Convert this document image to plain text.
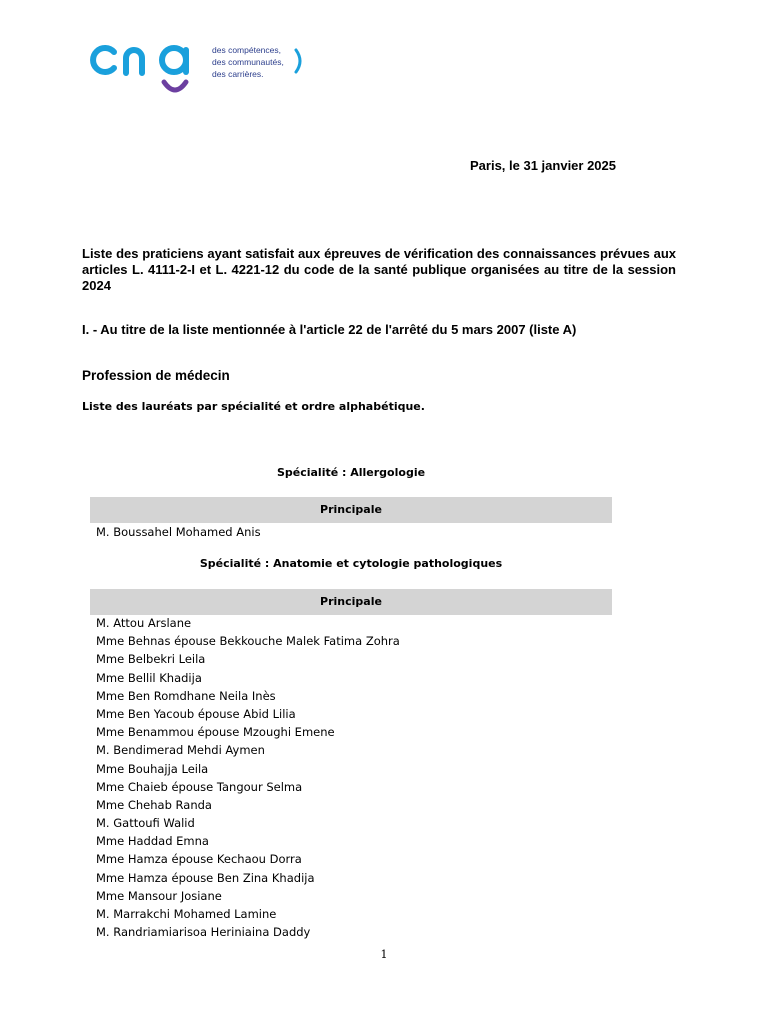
des compétences,
des communautés,
des carrières.
Paris, le 31 janvier 2025
Liste des praticiens ayant satisfait aux épreuves de vérification des connaissances prévues aux articles L. 4111-2-I et L. 4221-12 du code de la santé publique organisées au titre de la session 2024
I. - Au titre de la liste mentionnée à l'article 22 de l'arrêté du 5 mars 2007 (liste A)
Profession de médecin
Liste des lauréats par spécialité et ordre alphabétique.
Spécialité : Allergologie
Principale
M. Boussahel Mohamed Anis
Spécialité : Anatomie et cytologie pathologiques
Principale
M. Attou Arslane
Mme Behnas épouse Bekkouche Malek Fatima Zohra
Mme Belbekri Leila
Mme Bellil Khadija
Mme Ben Romdhane Neila Inès
Mme Ben Yacoub épouse Abid Lilia
Mme Benammou épouse Mzoughi Emene
M. Bendimerad Mehdi Aymen
Mme Bouhajja Leila
Mme Chaieb épouse Tangour Selma
Mme Chehab Randa
M. Gattoufi Walid
Mme Haddad Emna
Mme Hamza épouse Kechaou Dorra
Mme Hamza épouse Ben Zina Khadija
Mme Mansour Josiane
M. Marrakchi Mohamed Lamine
M. Randriamiarisoa Heriniaina Daddy
1
